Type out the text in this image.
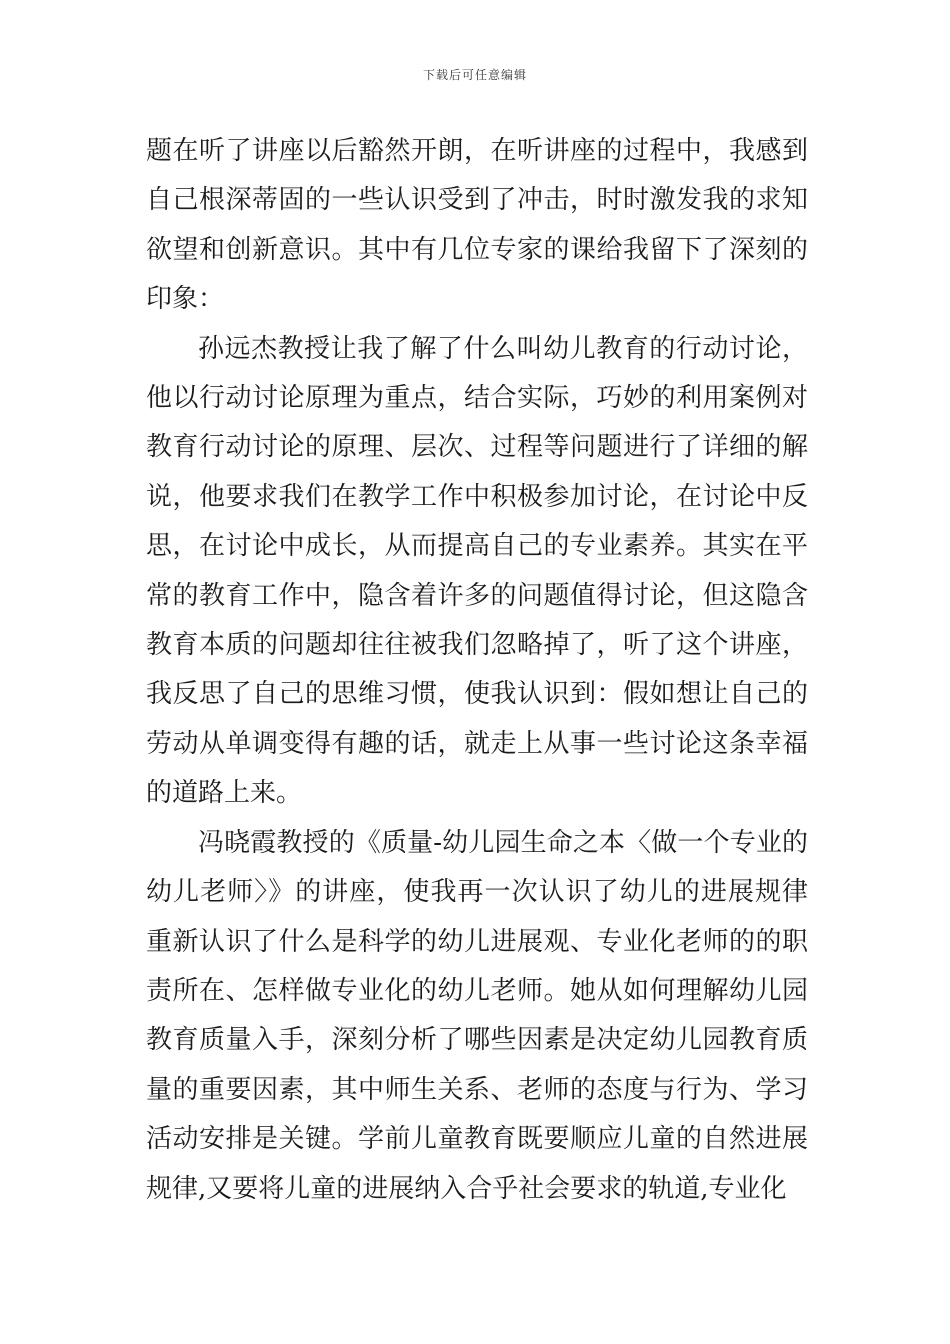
下载后可任意编辑

题在听了讲座以后豁然开朗，在听讲座的过程中，我感到自己根深蒂固的一些认识受到了冲击，时时激发我的求知欲望和创新意识。其中有几位专家的课给我留下了深刻的印象：

孙远杰教授让我了解了什么叫幼儿教育的行动讨论，他以行动讨论原理为重点，结合实际，巧妙的利用案例对教育行动讨论的原理、层次、过程等问题进行了详细的解说，他要求我们在教学工作中积极参加讨论，在讨论中反思，在讨论中成长，从而提高自己的专业素养。其实在平常的教育工作中，隐含着许多的问题值得讨论，但这隐含教育本质的问题却往往被我们忽略掉了，听了这个讲座，我反思了自己的思维习惯，使我认识到：假如想让自己的劳动从单调变得有趣的话，就走上从事一些讨论这条幸福的道路上来。

冯晓霞教授的《质量-幼儿园生命之本〈做一个专业的幼儿老师〉》的讲座，使我再一次认识了幼儿的进展规律重新认识了什么是科学的幼儿进展观、专业化老师的的职责所在、怎样做专业化的幼儿老师。她从如何理解幼儿园教育质量入手，深刻分析了哪些因素是决定幼儿园教育质量的重要因素，其中师生关系、老师的态度与行为、学习活动安排是关键。学前儿童教育既要顺应儿童的自然进展规律,又要将儿童的进展纳入合乎社会要求的轨道,专业化
